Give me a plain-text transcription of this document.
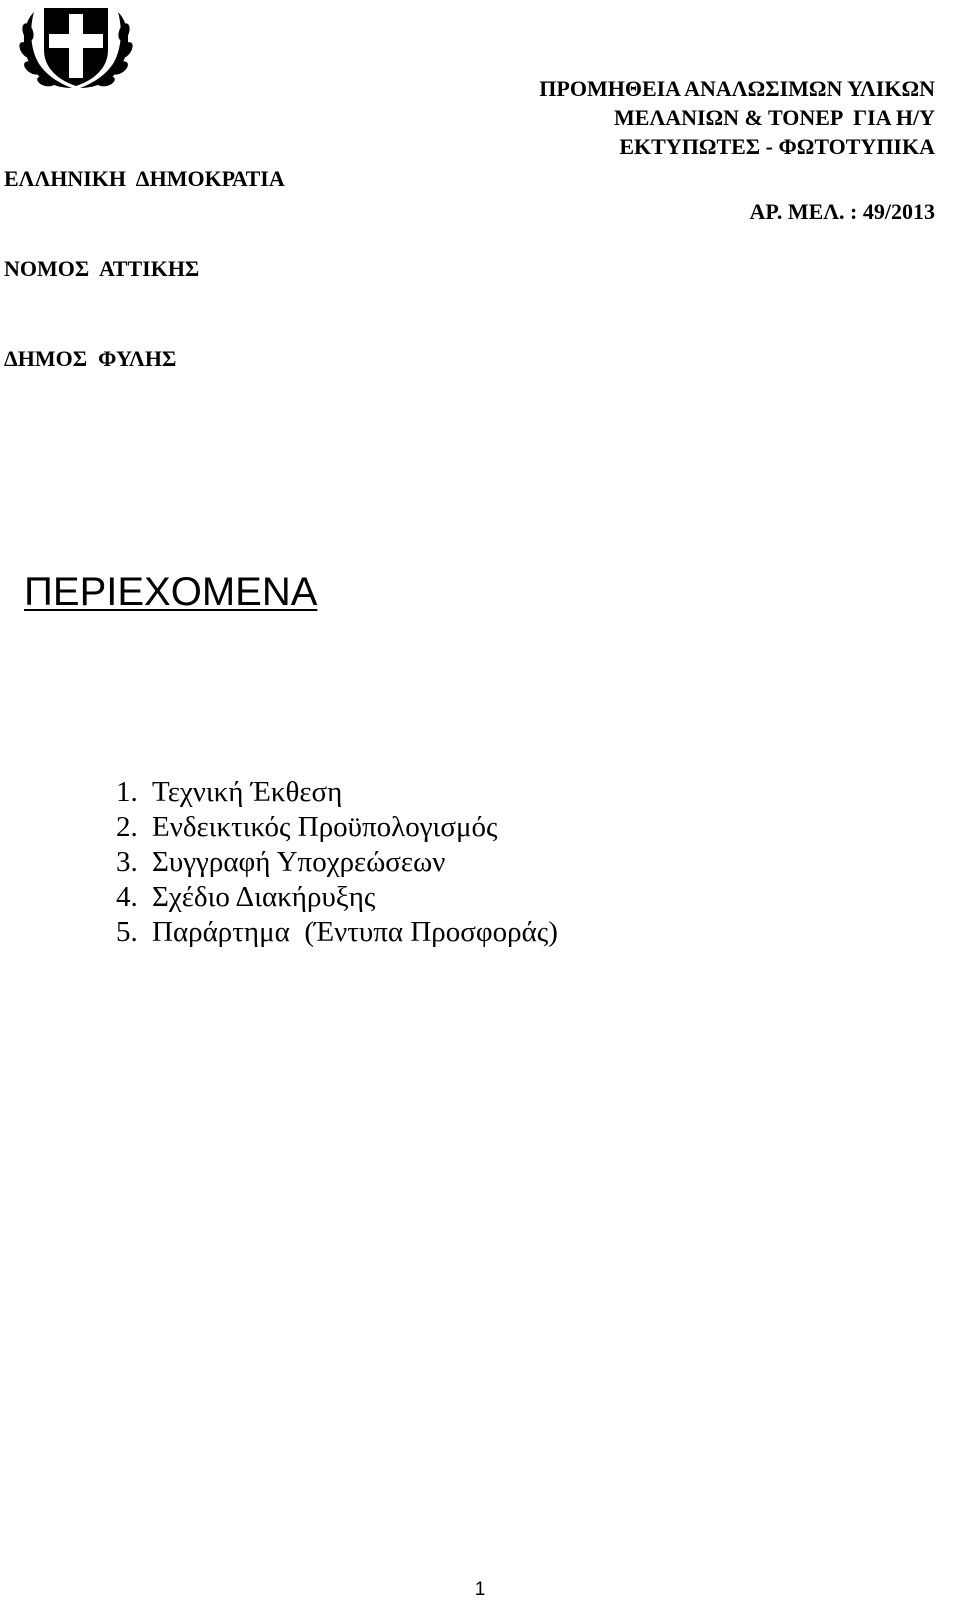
ΕΛΛΗΝΙΚΗ  ΔΗΜΟΚΡΑΤΙΑ

ΝΟΜΟΣ  ΑΤΤΙΚΗΣ

ΔΗΜΟΣ  ΦΥΛΗΣ

ΠΡΟΜΗΘΕΙΑ ΑΝΑΛΩΣΙΜΩΝ ΥΛΙΚΩΝ
ΜΕΛΑΝΙΩΝ & ΤΟΝΕΡ  ΓΙΑ Η/Υ
ΕΚΤΥΠΩΤΕΣ - ΦΩΤΟΤΥΠΙΚΑ
ΑΡ. ΜΕΛ. : 49/2013
ΠΕΡΙΕΧΟΜΕΝΑ
1. Τεχνική Έκθεση
2. Ενδεικτικός Προϋπολογισμός
3. Συγγραφή Υποχρεώσεων
4. Σχέδιο Διακήρυξης
5. Παράρτημα  (Έντυπα Προσφοράς)
1
